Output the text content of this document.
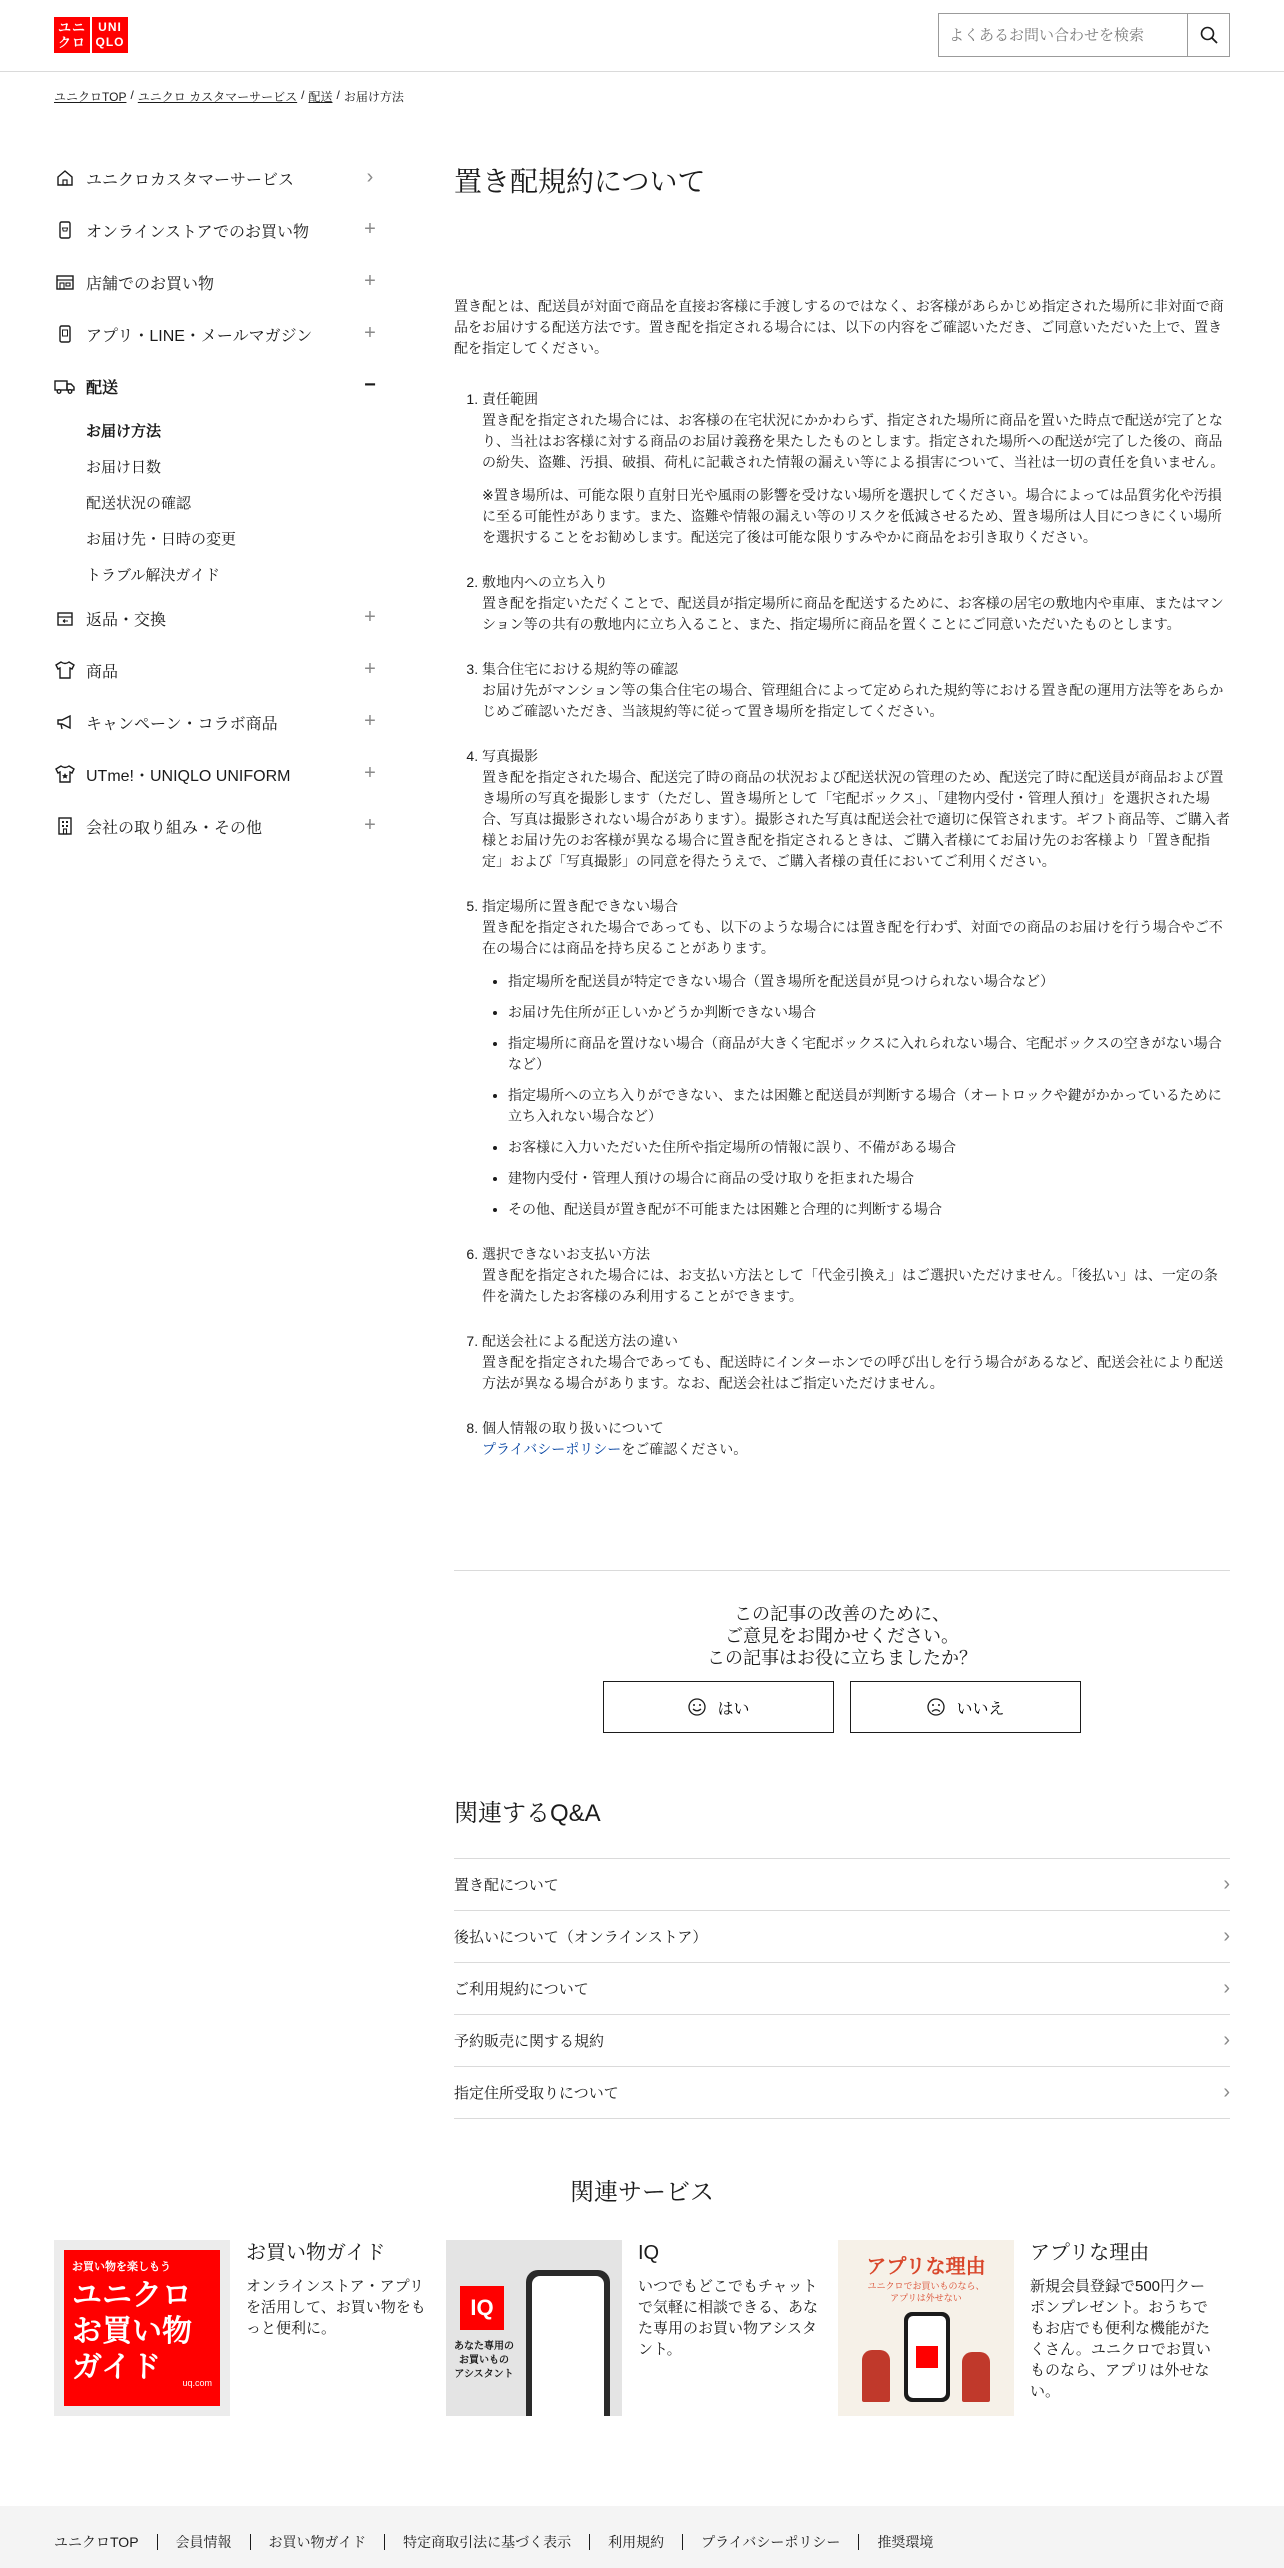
ユニ
クロ
UNI
QLO
よくあるお問い合わせを検索
ユニクロTOP / ユニクロ カスタマーサービス / 配送 / お届け方法
ユニクロカスタマーサービス	›
オンラインストアでのお買い物	+
店舗でのお買い物	+
アプリ・LINE・メールマガジン	+
配送	−
お届け方法
お届け日数
配送状況の確認
お届け先・日時の変更
トラブル解決ガイド
返品・交換	+
商品	+
キャンペーン・コラボ商品	+
UTme!・UNIQLO UNIFORM	+
会社の取り組み・その他	+
置き配規約について

置き配とは、配送員が対面で商品を直接お客様に手渡しするのではなく、お客様があらかじめ指定された場所に非対面で商品をお届けする配送方法です。置き配を指定される場合には、以下の内容をご確認いただき、ご同意いただいた上で、置き配を指定してください。

1. 責任範囲
置き配を指定された場合には、お客様の在宅状況にかかわらず、指定された場所に商品を置いた時点で配送が完了となり、当社はお客様に対する商品のお届け義務を果たしたものとします。指定された場所への配送が完了した後の、商品の紛失、盗難、汚損、破損、荷札に記載された情報の漏えい等による損害について、当社は一切の責任を負いません。

※置き場所は、可能な限り直射日光や風雨の影響を受けない場所を選択してください。場合によっては品質劣化や汚損に至る可能性があります。また、盗難や情報の漏えい等のリスクを低減させるため、置き場所は人目につきにくい場所を選択することをお勧めします。配送完了後は可能な限りすみやかに商品をお引き取りください。

2. 敷地内への立ち入り
置き配を指定いただくことで、配送員が指定場所に商品を配送するために、お客様の居宅の敷地内や車庫、またはマンション等の共有の敷地内に立ち入ること、また、指定場所に商品を置くことにご同意いただいたものとします。
3. 集合住宅における規約等の確認
お届け先がマンション等の集合住宅の場合、管理組合によって定められた規約等における置き配の運用方法等をあらかじめご確認いただき、当該規約等に従って置き場所を指定してください。
4. 写真撮影
置き配を指定された場合、配送完了時の商品の状況および配送状況の管理のため、配送完了時に配送員が商品および置き場所の写真を撮影します（ただし、置き場所として「宅配ボックス」、「建物内受付・管理人預け」を選択された場合、写真は撮影されない場合があります）。撮影された写真は配送会社で適切に保管されます。ギフト商品等、ご購入者様とお届け先のお客様が異なる場合に置き配を指定されるときは、ご購入者様にてお届け先のお客様より「置き配指定」および「写真撮影」の同意を得たうえで、ご購入者様の責任においてご利用ください。
5. 指定場所に置き配できない場合
置き配を指定された場合であっても、以下のような場合には置き配を行わず、対面での商品のお届けを行う場合やご不在の場合には商品を持ち戻ることがあります。
• 指定場所を配送員が特定できない場合（置き場所を配送員が見つけられない場合など）
• お届け先住所が正しいかどうか判断できない場合
• 指定場所に商品を置けない場合（商品が大きく宅配ボックスに入れられない場合、宅配ボックスの空きがない場合など）
• 指定場所への立ち入りができない、または困難と配送員が判断する場合（オートロックや鍵がかかっているために立ち入れない場合など）
• お客様に入力いただいた住所や指定場所の情報に誤り、不備がある場合
• 建物内受付・管理人預けの場合に商品の受け取りを拒まれた場合
• その他、配送員が置き配が不可能または困難と合理的に判断する場合
6. 選択できないお支払い方法
置き配を指定された場合には、お支払い方法として「代金引換え」はご選択いただけません。「後払い」は、一定の条件を満たしたお客様のみ利用することができます。
7. 配送会社による配送方法の違い
置き配を指定された場合であっても、配送時にインターホンでの呼び出しを行う場合があるなど、配送会社により配送方法が異なる場合があります。なお、配送会社はご指定いただけません。
8. 個人情報の取り扱いについて
プライバシーポリシーをご確認ください。
この記事の改善のために、
ご意見をお聞かせください。
この記事はお役に立ちましたか？
はい	いいえ
関連するQ&A
置き配について	›
後払いについて（オンラインストア）	›
ご利用規約について	›
予約販売に関する規約	›
指定住所受取りについて	›
関連サービス
お買い物を楽しもう
ユニクロ
お買い物
ガイド	uq.com
お買い物ガイド

オンラインストア・アプリを活用して、お買い物をもっと便利に。

IQ
あなた専用の
お買いもの
アシスタント
IQ

いつでもどこでもチャットで気軽に相談できる、あなた専用のお買い物アシスタント。

アプリな理由
ユニクロでお買いものなら、
アプリは外せない
アプリな理由

新規会員登録で500円クーポンプレゼント。おうちでもお店でも便利な機能がたくさん。ユニクロでお買いものなら、アプリは外せない。

ユニクロTOP	会員情報	お買い物ガイド	特定商取引法に基づく表示	利用規約	プライバシーポリシー	推奨環境
